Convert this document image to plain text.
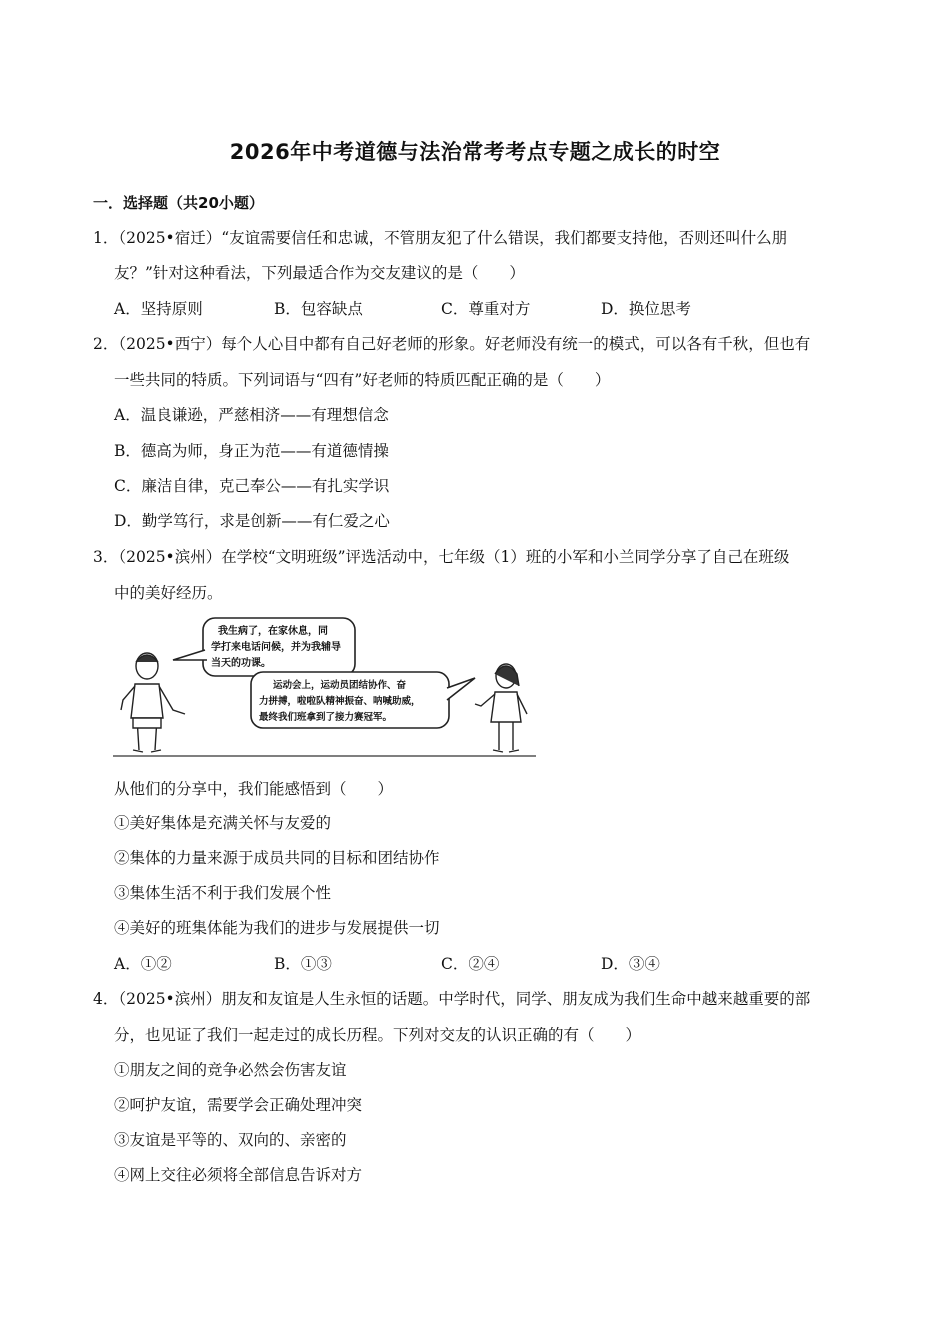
2026年中考道德与法治常考考点专题之成长的时空
一．选择题（共20小题）
1．（2025•宿迁）“友谊需要信任和忠诚，不管朋友犯了什么错误，我们都要支持他，否则还叫什么朋
友？”针对这种看法，下列最适合作为交友建议的是（　　）
A．坚持原则	B．包容缺点	C．尊重对方	D．换位思考
2．（2025•西宁）每个人心目中都有自己好老师的形象。好老师没有统一的模式，可以各有千秋，但也有
一些共同的特质。下列词语与“四有”好老师的特质匹配正确的是（　　）
A．温良谦逊，严慈相济——有理想信念
B．德高为师，身正为范——有道德情操
C．廉洁自律，克己奉公——有扎实学识
D．勤学笃行，求是创新——有仁爱之心
3．（2025•滨州）在学校“文明班级”评选活动中，七年级（1）班的小军和小兰同学分享了自己在班级
中的美好经历。
我生病了，在家休息，同
学打来电话问候，并为我辅导
当天的功课。
运动会上，运动员团结协作、奋
力拼搏，啦啦队精神振奋、呐喊助威，
最终我们班拿到了接力赛冠军。
从他们的分享中，我们能感悟到（　　）
①美好集体是充满关怀与友爱的
②集体的力量来源于成员共同的目标和团结协作
③集体生活不利于我们发展个性
④美好的班集体能为我们的进步与发展提供一切
A．①②	B．①③	C．②④	D．③④
4．（2025•滨州）朋友和友谊是人生永恒的话题。中学时代，同学、朋友成为我们生命中越来越重要的部
分，也见证了我们一起走过的成长历程。下列对交友的认识正确的有（　　）
①朋友之间的竞争必然会伤害友谊
②呵护友谊，需要学会正确处理冲突
③友谊是平等的、双向的、亲密的
④网上交往必须将全部信息告诉对方
